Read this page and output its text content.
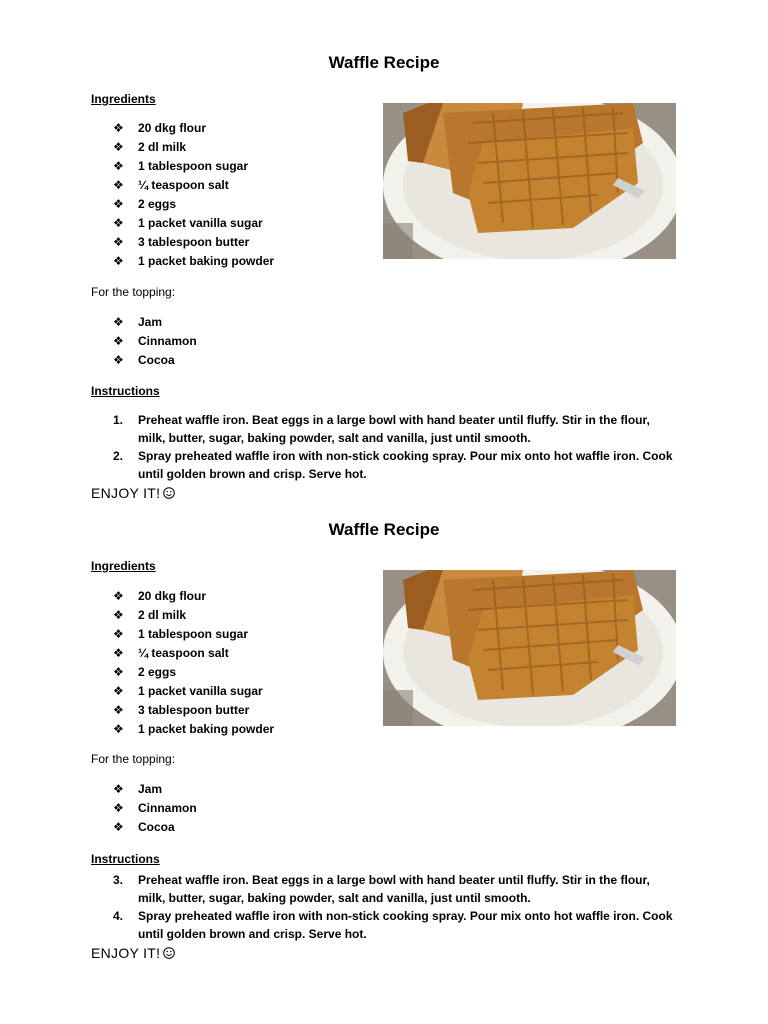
Waffle Recipe
Ingredients
❖	20 dkg flour
❖	2 dl milk
❖	1 tablespoon sugar
❖	¼ teaspoon salt
❖	2 eggs
❖	1 packet vanilla sugar
❖	3 tablespoon butter
❖	1 packet baking powder
For the topping:
❖	Jam
❖	Cinnamon
❖	Cocoa
Instructions
1.	Preheat waffle iron. Beat eggs in a large bowl with hand beater until fluffy. Stir in the flour, milk, butter, sugar, baking powder, salt and vanilla, just until smooth.
2.	Spray preheated waffle iron with non-stick cooking spray. Pour mix onto hot waffle iron. Cook until golden brown and crisp. Serve hot.
ENJOY IT!
Waffle Recipe
Ingredients
❖	20 dkg flour
❖	2 dl milk
❖	1 tablespoon sugar
❖	¼ teaspoon salt
❖	2 eggs
❖	1 packet vanilla sugar
❖	3 tablespoon butter
❖	1 packet baking powder
For the topping:
❖	Jam
❖	Cinnamon
❖	Cocoa
Instructions
3.	Preheat waffle iron. Beat eggs in a large bowl with hand beater until fluffy. Stir in the flour, milk, butter, sugar, baking powder, salt and vanilla, just until smooth.
4.	Spray preheated waffle iron with non-stick cooking spray. Pour mix onto hot waffle iron. Cook until golden brown and crisp. Serve hot.
ENJOY IT!
